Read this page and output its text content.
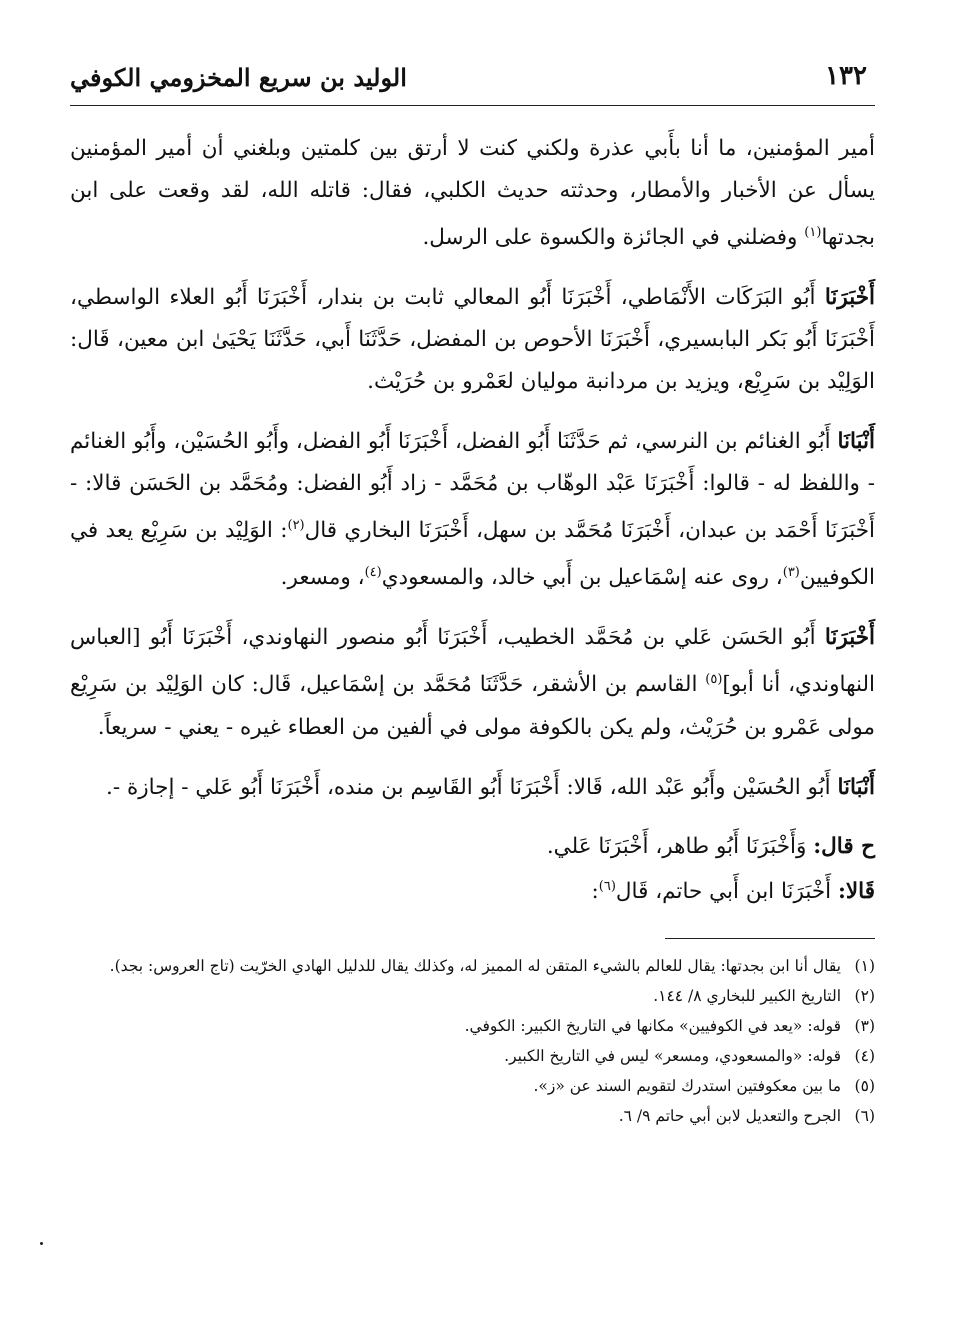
١٣٢
الوليد بن سريع المخزومي الكوفي

أمير المؤمنين، ما أنا بأَبي عذرة ولكني كنت لا أرتق بين كلمتين وبلغني أن أمير المؤمنين يسأل عن الأخبار والأمطار، وحدثته حديث الكلبي، فقال: قاتله الله، لقد وقعت على ابن بجدتها$^{(١)}$ وفضلني في الجائزة والكسوة على الرسل.

أَخْبَرَنَا أَبُو البَرَكَات الأَنْمَاطي، أَخْبَرَنَا أَبُو المعالي ثابت بن بندار، أَخْبَرَنَا أَبُو العلاء الواسطي، أَخْبَرَنَا أَبُو بَكر البابسيري، أَخْبَرَنَا الأحوص بن المفضل، حَدَّثَنَا أَبي، حَدَّثَنَا يَحْيَىٰ ابن معين، قَال: الوَلِيْد بن سَرِيْع، ويزيد بن مردانبة موليان لعَمْرو بن حُرَيْث.

أَنْبَانَا أَبُو الغنائم بن النرسي، ثم حَدَّثَنَا أَبُو الفضل، أَخْبَرَنَا أَبُو الفضل، وأَبُو الحُسَيْن، وأَبُو الغنائم - واللفظ له - قالوا: أَخْبَرَنَا عَبْد الوهّاب بن مُحَمَّد - زاد أَبُو الفضل: ومُحَمَّد بن الحَسَن قالا: - أَخْبَرَنَا أَحْمَد بن عبدان، أَخْبَرَنَا مُحَمَّد بن سهل، أَخْبَرَنَا البخاري قال$^{(٢)}$: الوَلِيْد بن سَرِيْع يعد في الكوفيين$^{(٣)}$، روى عنه إسْمَاعيل بن أَبي خالد، والمسعودي$^{(٤)}$، ومسعر.

أَخْبَرَنَا أَبُو الحَسَن عَلي بن مُحَمَّد الخطيب، أَخْبَرَنَا أَبُو منصور النهاوندي، أَخْبَرَنَا أَبُو [العباس النهاوندي، أنا أبو]$^{(٥)}$ القاسم بن الأشقر، حَدَّثَنَا مُحَمَّد بن إسْمَاعيل، قَال: كان الوَلِيْد بن سَرِيْع مولى عَمْرو بن حُرَيْث، ولم يكن بالكوفة مولى في ألفين من العطاء غيره - يعني - سريعاً.

أَنْبَانَا أَبُو الحُسَيْن وأَبُو عَبْد الله، قَالا: أَخْبَرَنَا أَبُو القَاسِم بن منده، أَخْبَرَنَا أَبُو عَلي - إجازة -.

ح قال: وَأَخْبَرَنَا أَبُو طاهر، أَخْبَرَنَا عَلي.

قَالا: أَخْبَرَنَا ابن أَبي حاتم، قَال$^{(٦)}$:

(١)
يقال أنا ابن بجدتها: يقال للعالم بالشيء المتقن له المميز له، وكذلك يقال للدليل الهادي الخرّيت (تاج العروس: بجد).
(٢)
التاريخ الكبير للبخاري ٨/ ١٤٤.
(٣)
قوله: «يعد في الكوفيين» مكانها في التاريخ الكبير: الكوفي.
(٤)
قوله: «والمسعودي، ومسعر» ليس في التاريخ الكبير.
(٥)
ما بين معكوفتين استدرك لتقويم السند عن «ز».
(٦)
الجرح والتعديل لابن أبي حاتم ٩/ ٦.
